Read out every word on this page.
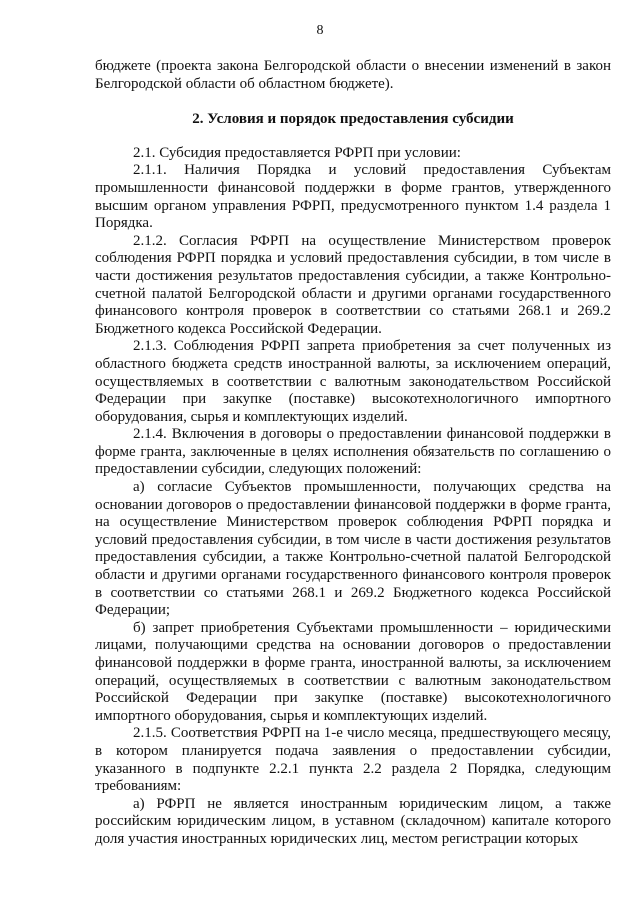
8

бюджете (проекта закона Белгородской области о внесении изменений в закон Белгородской области об областном бюджете).

2. Условия и порядок предоставления субсидии

2.1. Субсидия предоставляется РФРП при условии:

2.1.1. Наличия Порядка и условий предоставления Субъектам промышленности финансовой поддержки в форме грантов, утвержденного высшим органом управления РФРП, предусмотренного пунктом 1.4 раздела 1 Порядка.

2.1.2. Согласия РФРП на осуществление Министерством проверок соблюдения РФРП порядка и условий предоставления субсидии, в том числе в части достижения результатов предоставления субсидии, а также Контрольно-счетной палатой Белгородской области и другими органами государственного финансового контроля проверок в соответствии со статьями 268.1 и 269.2 Бюджетного кодекса Российской Федерации.

2.1.3. Соблюдения РФРП запрета приобретения за счет полученных из областного бюджета средств иностранной валюты, за исключением операций, осуществляемых в соответствии с валютным законодательством Российской Федерации при закупке (поставке) высокотехнологичного импортного оборудования, сырья и комплектующих изделий.

2.1.4. Включения в договоры о предоставлении финансовой поддержки в форме гранта, заключенные в целях исполнения обязательств по соглашению о предоставлении субсидии, следующих положений:

а) согласие Субъектов промышленности, получающих средства на основании договоров о предоставлении финансовой поддержки в форме гранта, на осуществление Министерством проверок соблюдения РФРП порядка и условий предоставления субсидии, в том числе в части достижения результатов предоставления субсидии, а также Контрольно-счетной палатой Белгородской области и другими органами государственного финансового контроля проверок в соответствии со статьями 268.1 и 269.2 Бюджетного кодекса Российской Федерации;

б) запрет приобретения Субъектами промышленности – юридическими лицами, получающими средства на основании договоров о предоставлении финансовой поддержки в форме гранта, иностранной валюты, за исключением операций, осуществляемых в соответствии с валютным законодательством Российской Федерации при закупке (поставке) высокотехнологичного импортного оборудования, сырья и комплектующих изделий.

2.1.5. Соответствия РФРП на 1-е число месяца, предшествующего месяцу, в котором планируется подача заявления о предоставлении субсидии, указанного в подпункте 2.2.1 пункта 2.2 раздела 2 Порядка, следующим требованиям:

а) РФРП не является иностранным юридическим лицом, а также российским юридическим лицом, в уставном (складочном) капитале которого доля участия иностранных юридических лиц, местом регистрации которых
